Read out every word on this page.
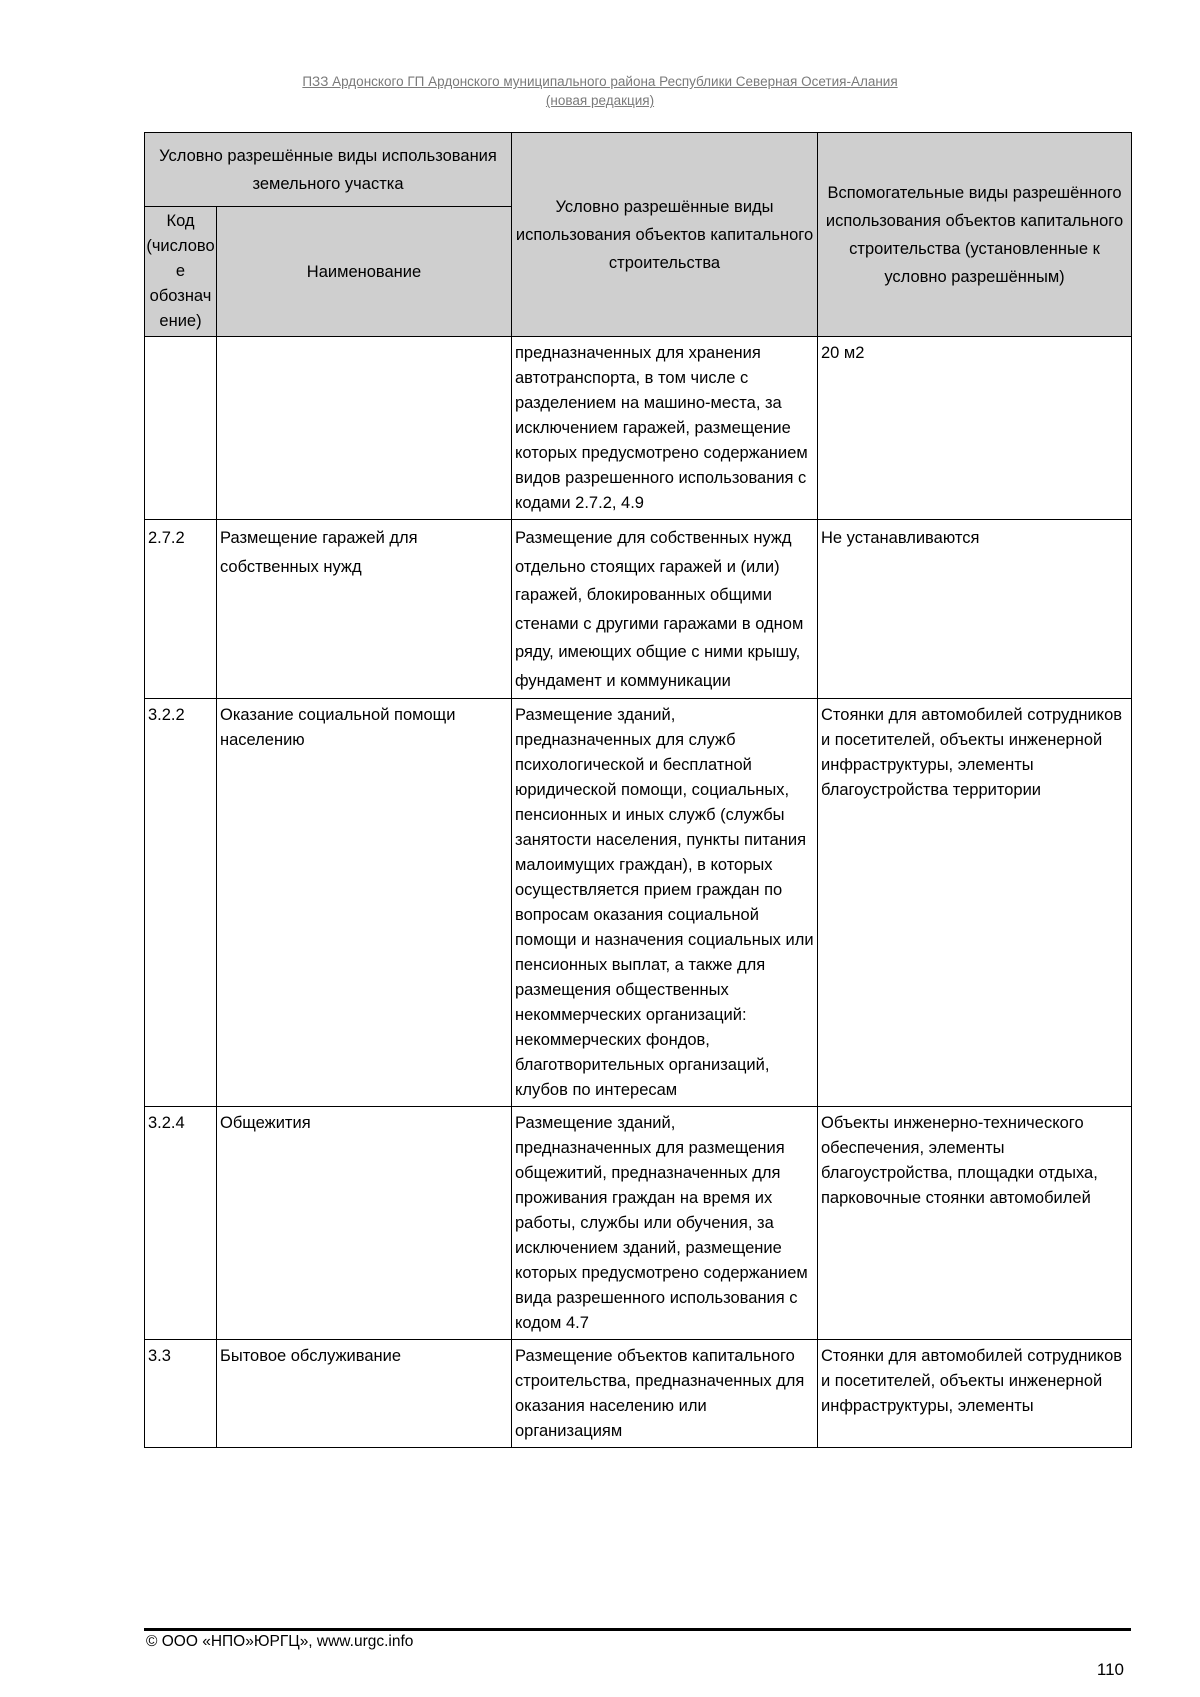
ПЗЗ Ардонского ГП Ардонского муниципального района Республики Северная Осетия-Алания
(новая редакция)
Условно разрешённые виды использования земельного участка		Условно разрешённые виды использования объектов капитального строительства	Вспомогательные виды разрешённого использования объектов капитального строительства (установленные к условно разрешённым)
Код (числовое обозначение)	Наименование		
		предназначенных для хранения автотранспорта, в том числе с разделением на машино-места, за исключением гаражей, размещение которых предусмотрено содержанием видов разрешенного использования с кодами 2.7.2, 4.9	20 м2
2.7.2	Размещение гаражей для собственных нужд	Размещение для собственных нужд отдельно стоящих гаражей и (или) гаражей, блокированных общими стенами с другими гаражами в одном ряду, имеющих общие с ними крышу, фундамент и коммуникации	Не устанавливаются
3.2.2	Оказание социальной помощи населению	Размещение зданий, предназначенных для служб психологической и бесплатной юридической помощи, социальных, пенсионных и иных служб (службы занятости населения, пункты питания малоимущих граждан), в которых осуществляется прием граждан по вопросам оказания социальной помощи и назначения социальных или пенсионных выплат, а также для размещения общественных некоммерческих организаций: некоммерческих фондов, благотворительных организаций, клубов по интересам	Стоянки для автомобилей сотрудников и посетителей, объекты инженерной инфраструктуры, элементы благоустройства территории
3.2.4	Общежития	Размещение зданий, предназначенных для размещения общежитий, предназначенных для проживания граждан на время их работы, службы или обучения, за исключением зданий, размещение которых предусмотрено содержанием вида разрешенного использования с кодом 4.7	Объекты инженерно-технического обеспечения, элементы благоустройства, площадки отдыха, парковочные стоянки автомобилей
3.3	Бытовое обслуживание	Размещение объектов капитального строительства, предназначенных для оказания населению или организациям	Стоянки для автомобилей сотрудников и посетителей, объекты инженерной инфраструктуры, элементы
© ООО «НПО»ЮРГЦ», www.urgc.info
110
